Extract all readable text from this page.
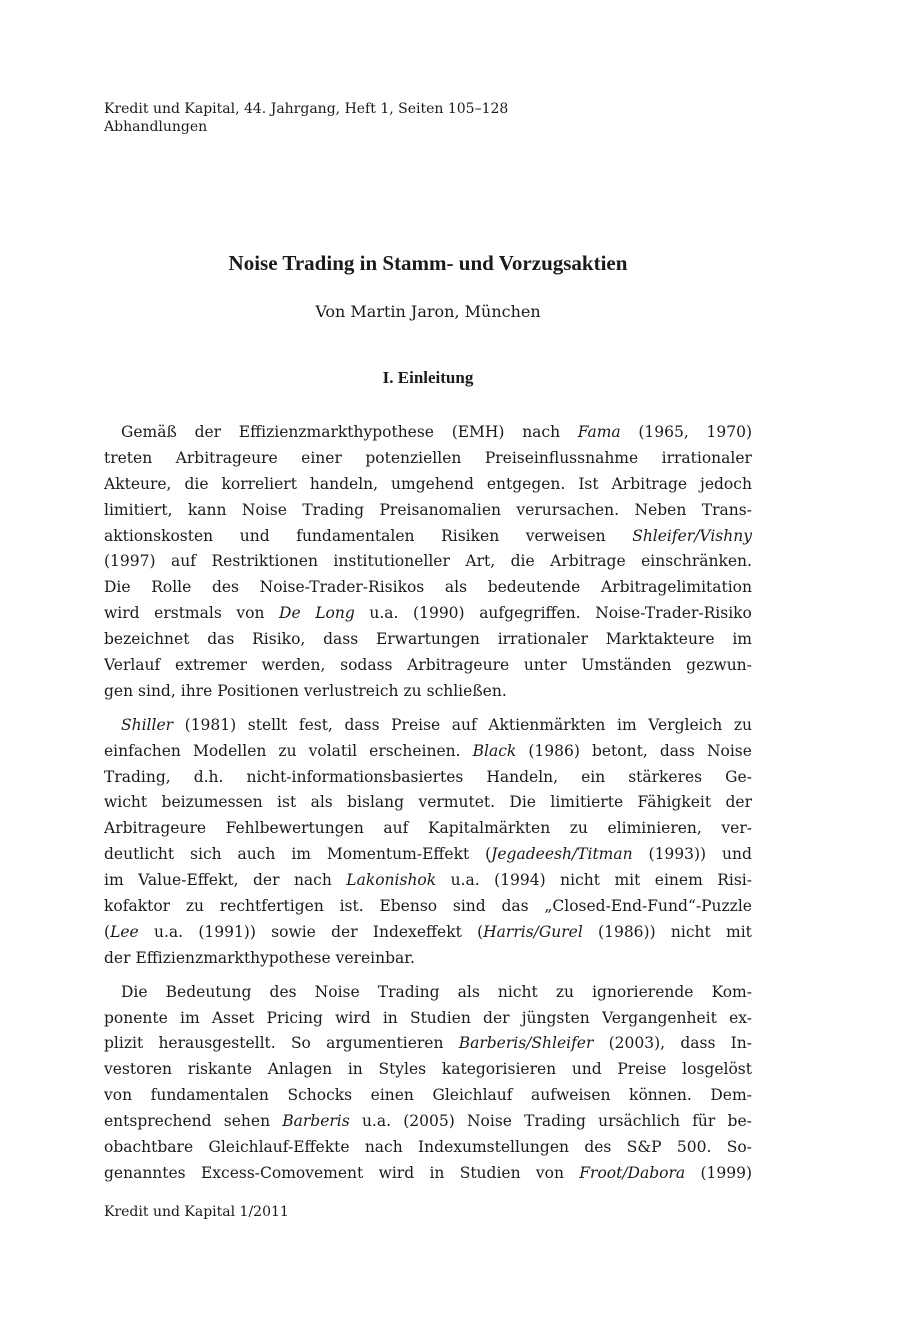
Kredit und Kapital, 44. Jahrgang, Heft 1, Seiten 105–128
Abhandlungen
Noise Trading in Stamm- und Vorzugsaktien
Von Martin Jaron, München
I. Einleitung
Gemäß der Effizienzmarkthypothese (EMH) nach Fama (1965, 1970)
treten Arbitrageure einer potenziellen Preiseinflussnahme irrationaler
Akteure, die korreliert handeln, umgehend entgegen. Ist Arbitrage jedoch
limitiert, kann Noise Trading Preisanomalien verursachen. Neben Trans-
aktionskosten und fundamentalen Risiken verweisen Shleifer/Vishny
(1997) auf Restriktionen institutioneller Art, die Arbitrage einschränken.
Die Rolle des Noise-Trader-Risikos als bedeutende Arbitragelimitation
wird erstmals von De Long u.a. (1990) aufgegriffen. Noise-Trader-Risiko
bezeichnet das Risiko, dass Erwartungen irrationaler Marktakteure im
Verlauf extremer werden, sodass Arbitrageure unter Umständen gezwun-
gen sind, ihre Positionen verlustreich zu schließen.
Shiller (1981) stellt fest, dass Preise auf Aktienmärkten im Vergleich zu
einfachen Modellen zu volatil erscheinen. Black (1986) betont, dass Noise
Trading, d.h. nicht-informationsbasiertes Handeln, ein stärkeres Ge-
wicht beizumessen ist als bislang vermutet. Die limitierte Fähigkeit der
Arbitrageure Fehlbewertungen auf Kapitalmärkten zu eliminieren, ver-
deutlicht sich auch im Momentum-Effekt (Jegadeesh/Titman (1993)) und
im Value-Effekt, der nach Lakonishok u.a. (1994) nicht mit einem Risi-
kofaktor zu rechtfertigen ist. Ebenso sind das „Closed-End-Fund“-Puzzle
(Lee u.a. (1991)) sowie der Indexeffekt (Harris/Gurel (1986)) nicht mit
der Effizienzmarkthypothese vereinbar.
Die Bedeutung des Noise Trading als nicht zu ignorierende Kom-
ponente im Asset Pricing wird in Studien der jüngsten Vergangenheit ex-
plizit herausgestellt. So argumentieren Barberis/Shleifer (2003), dass In-
vestoren riskante Anlagen in Styles kategorisieren und Preise losgelöst
von fundamentalen Schocks einen Gleichlauf aufweisen können. Dem-
entsprechend sehen Barberis u.a. (2005) Noise Trading ursächlich für be-
obachtbare Gleichlauf-Effekte nach Indexumstellungen des S&P 500. So-
genanntes Excess-Comovement wird in Studien von Froot/Dabora (1999)
Kredit und Kapital 1/2011
